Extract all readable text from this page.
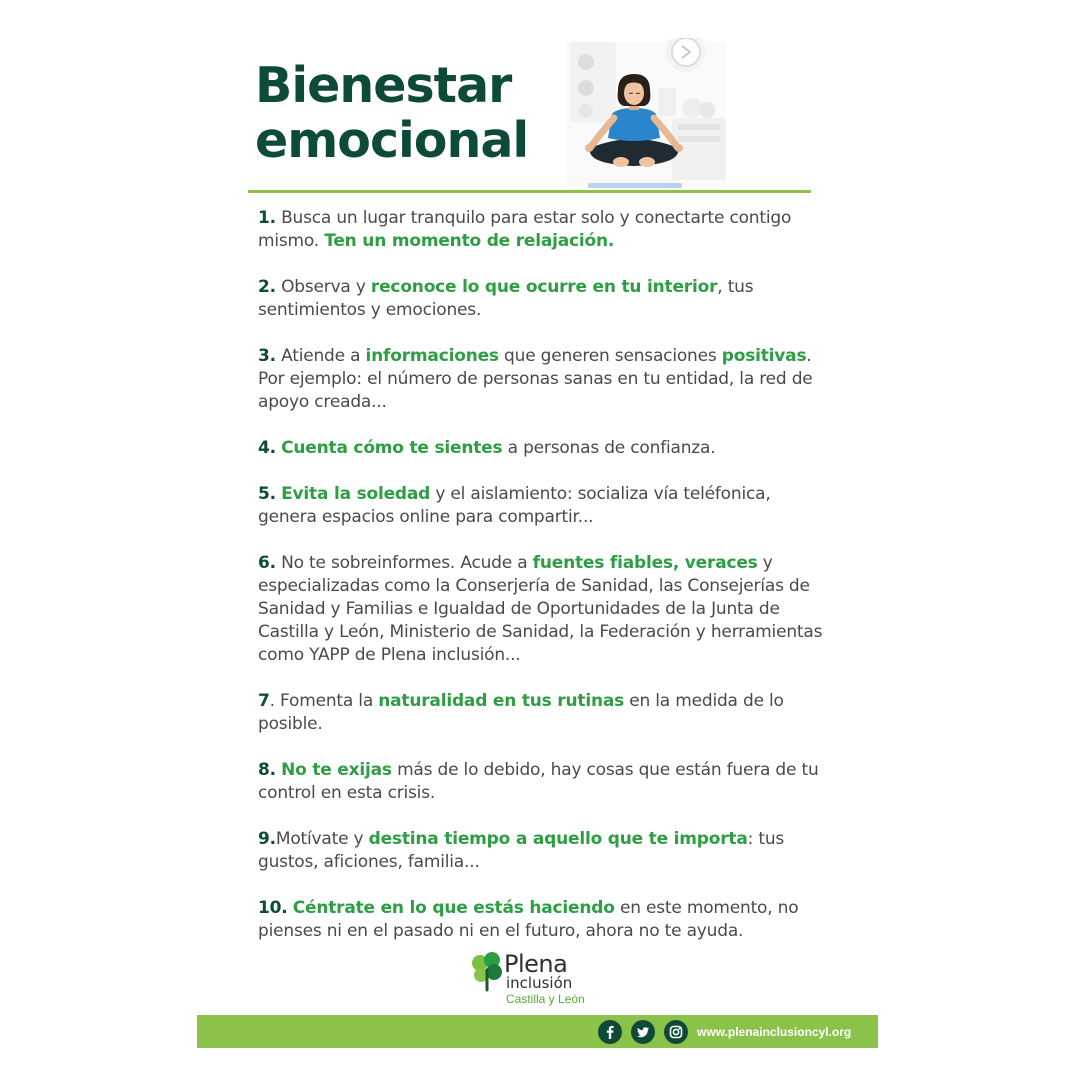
Bienestar
emocional
1. Busca un lugar tranquilo para estar solo y conectarte contigo mismo. Ten un momento de relajación.
2. Observa y reconoce lo que ocurre en tu interior, tus sentimientos y emociones.
3. Atiende a informaciones que generen sensaciones positivas. Por ejemplo: el número de personas sanas en tu entidad, la red de apoyo creada...
4. Cuenta cómo te sientes a personas de confianza.
5. Evita la soledad y el aislamiento: socializa vía teléfonica, genera espacios online para compartir...
6. No te sobreinformes. Acude a fuentes fiables, veraces y especializadas como la Conserjería de Sanidad, las Consejerías de Sanidad y Familias e Igualdad de Oportunidades de la Junta de Castilla y León, Ministerio de Sanidad, la Federación y herramientas como YAPP de Plena inclusión...
7. Fomenta la naturalidad en tus rutinas en la medida de lo posible.
8. No te exijas más de lo debido, hay cosas que están fuera de tu control en esta crisis.
9.Motívate y destina tiempo a aquello que te importa: tus gustos, aficiones, familia...
10. Céntrate en lo que estás haciendo en este momento, no pienses ni en el pasado ni en el futuro, ahora no te ayuda.
Plena
inclusión
Castilla y León
www.plenainclusioncyl.org
